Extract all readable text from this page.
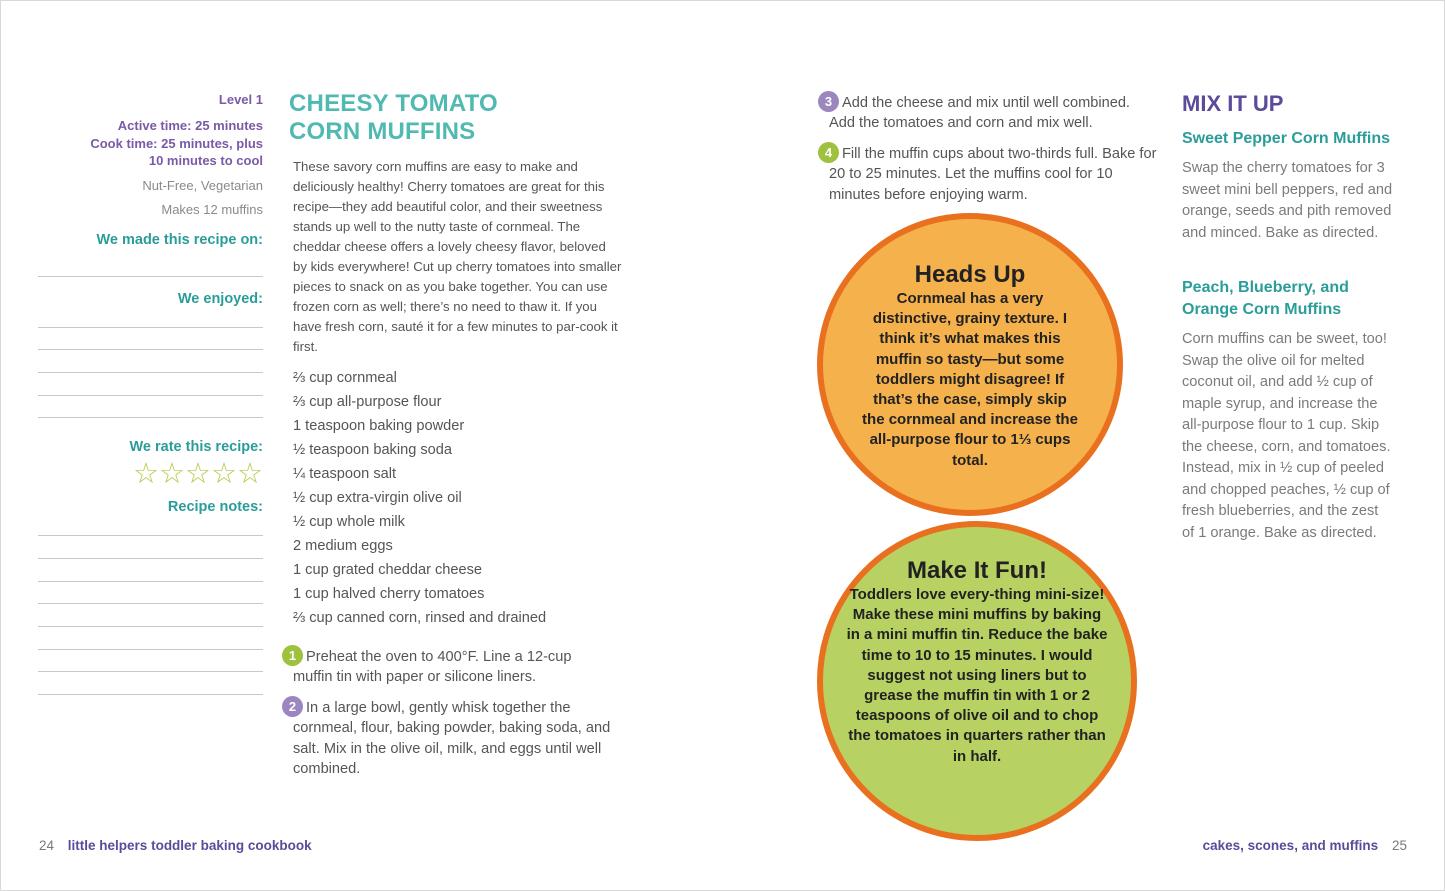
Level 1
Active time: 25 minutes
Cook time: 25 minutes, plus
10 minutes to cool
Nut-Free, Vegetarian
Makes 12 muffins
We made this recipe on:
We enjoyed:
We rate this recipe:
☆☆☆☆☆
Recipe notes:
CHEESY TOMATO
CORN MUFFINS

These savory corn muffins are easy to make and deliciously healthy! Cherry tomatoes are great for this recipe—they add beautiful color, and their sweetness stands up well to the nutty taste of cornmeal. The cheddar cheese offers a lovely cheesy flavor, beloved by kids everywhere! Cut up cherry tomatoes into smaller pieces to snack on as you bake together. You can use frozen corn as well; there’s no need to thaw it. If you have fresh corn, sauté it for a few minutes to par-cook it first.

⅔ cup cornmeal
⅔ cup all-purpose flour
1 teaspoon baking powder
½ teaspoon baking soda
¼ teaspoon salt
½ cup extra-virgin olive oil
½ cup whole milk
2 medium eggs
1 cup grated cheddar cheese
1 cup halved cherry tomatoes
⅔ cup canned corn, rinsed and drained
1 Preheat the oven to 400°F. Line a 12-cup muffin tin with paper or silicone liners.
2 In a large bowl, gently whisk together the cornmeal, flour, baking powder, baking soda, and salt. Mix in the olive oil, milk, and eggs until well combined.
3 Add the cheese and mix until well combined. Add the tomatoes and corn and mix well.
4 Fill the muffin cups about two-thirds full. Bake for 20 to 25 minutes. Let the muffins cool for 10 minutes before enjoying warm.
Heads Up

Cornmeal has a very distinctive, grainy texture. I think it’s what makes this muffin so tasty—but some toddlers might disagree! If that’s the case, simply skip the cornmeal and increase the all-purpose flour to 1⅓ cups total.

Make It Fun!

Toddlers love every-thing mini-size! Make these mini muffins by baking in a mini muffin tin. Reduce the bake time to 10 to 15 minutes. I would suggest not using liners but to grease the muffin tin with 1 or 2 teaspoons of olive oil and to chop the tomatoes in quarters rather than in half.

MIX IT UP
Sweet Pepper Corn Muffins
Swap the cherry tomatoes for 3 sweet mini bell peppers, red and orange, seeds and pith removed and minced. Bake as directed.
Peach, Blueberry, and Orange Corn Muffins
Corn muffins can be sweet, too! Swap the olive oil for melted coconut oil, and add ½ cup of maple syrup, and increase the all-purpose flour to 1 cup. Skip the cheese, corn, and tomatoes. Instead, mix in ½ cup of peeled and chopped peaches, ½ cup of fresh blueberries, and the zest of 1 orange. Bake as directed.
24 little helpers toddler baking cookbook	cakes, scones, and muffins 25
